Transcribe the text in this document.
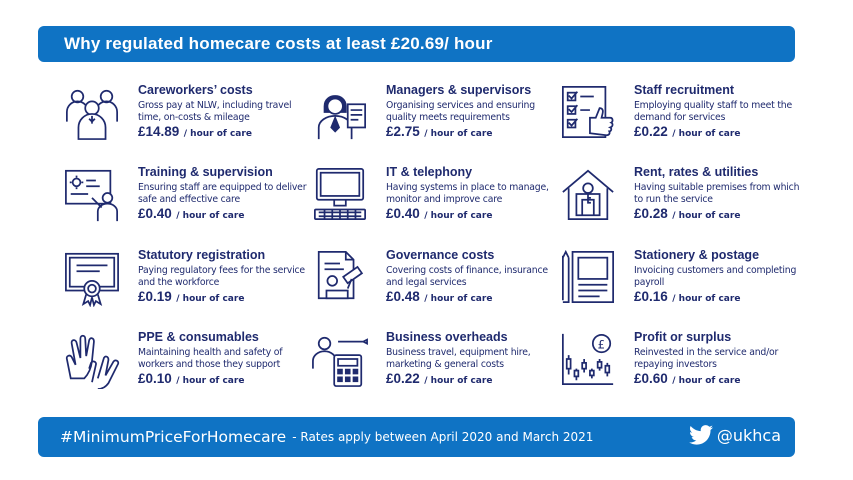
Why regulated homecare costs at least £20.69/ hour
Careworkers’ costs
Gross pay at NLW, including travel time, on-costs & mileage
£14.89 / hour of care
Managers & supervisors
Organising services and ensuring quality meets requirements
£2.75 / hour of care
Staff recruitment
Employing quality staff to meet the demand for services
£0.22 / hour of care
Training & supervision
Ensuring staff are equipped to deliver safe and effective care
£0.40 / hour of care
IT & telephony
Having systems in place to manage, monitor and improve care
£0.40 / hour of care
Rent, rates & utilities
Having suitable premises from which to run the service
£0.28 / hour of care
Statutory registration
Paying regulatory fees for the service and the workforce
£0.19 / hour of care
Governance costs
Covering costs of finance, insurance and legal services
£0.48 / hour of care
Stationery & postage
Invoicing customers and completing payroll
£0.16 / hour of care
PPE & consumables
Maintaining health and safety of workers and those they support
£0.10 / hour of care
Business overheads
Business travel, equipment hire, marketing & general costs
£0.22 / hour of care
£
Profit or surplus
Reinvested in the service and/or repaying investors
£0.60 / hour of care
#MinimumPriceForHomecare - Rates apply between April 2020 and March 2021	@ukhca
